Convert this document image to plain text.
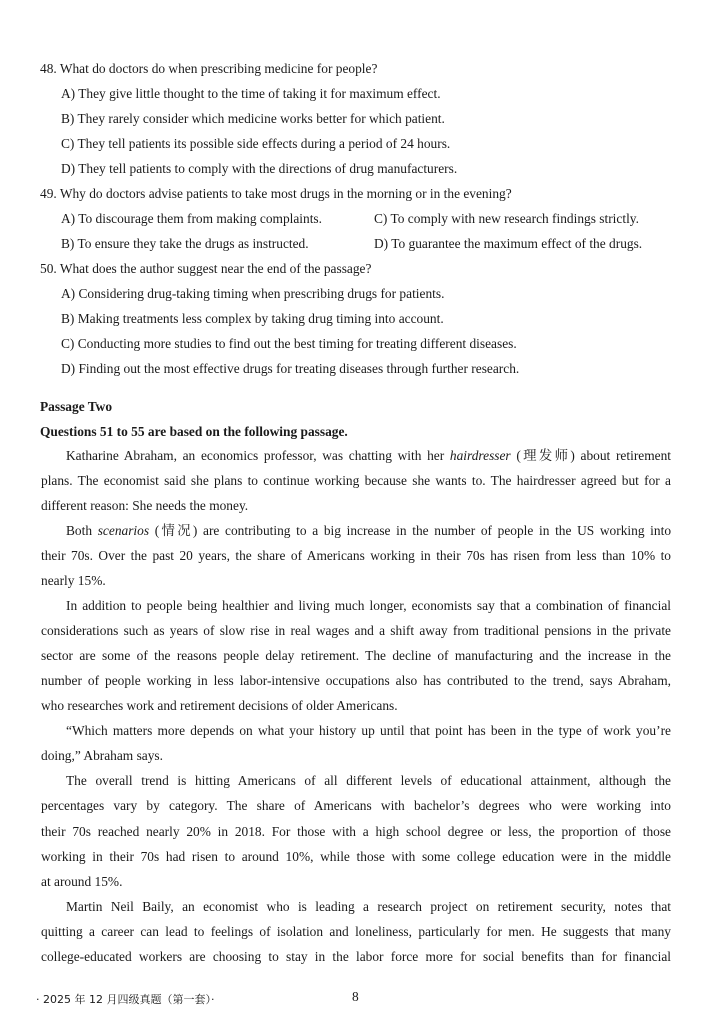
48. What do doctors do when prescribing medicine for people?
A) They give little thought to the time of taking it for maximum effect.
B) They rarely consider which medicine works better for which patient.
C) They tell patients its possible side effects during a period of 24 hours.
D) They tell patients to comply with the directions of drug manufacturers.
49. Why do doctors advise patients to take most drugs in the morning or in the evening?
A) To discourage them from making complaints.	C) To comply with new research findings strictly.
B) To ensure they take the drugs as instructed.	D) To guarantee the maximum effect of the drugs.
50. What does the author suggest near the end of the passage?
A) Considering drug-taking timing when prescribing drugs for patients.
B) Making treatments less complex by taking drug timing into account.
C) Conducting more studies to find out the best timing for treating different diseases.
D) Finding out the most effective drugs for treating diseases through further research.
Passage Two
Questions 51 to 55 are based on the following passage.
Katharine Abraham, an economics professor, was chatting with her hairdresser (理发师) about retirement
plans. The economist said she plans to continue working because she wants to. The hairdresser agreed but for a
different reason: She needs the money.
Both scenarios (情况) are contributing to a big increase in the number of people in the US working into
their 70s. Over the past 20 years, the share of Americans working in their 70s has risen from less than 10% to
nearly 15%.
In addition to people being healthier and living much longer, economists say that a combination of financial
considerations such as years of slow rise in real wages and a shift away from traditional pensions in the private
sector are some of the reasons people delay retirement. The decline of manufacturing and the increase in the
number of people working in less labor-intensive occupations also has contributed to the trend, says Abraham,
who researches work and retirement decisions of older Americans.
“Which matters more depends on what your history up until that point has been in the type of work you’re
doing,” Abraham says.
The overall trend is hitting Americans of all different levels of educational attainment, although the
percentages vary by category. The share of Americans with bachelor’s degrees who were working into
their 70s reached nearly 20% in 2018. For those with a high school degree or less, the proportion of those
working in their 70s had risen to around 10%, while those with some college education were in the middle
at around 15%.
Martin Neil Baily, an economist who is leading a research project on retirement security, notes that
quitting a career can lead to feelings of isolation and loneliness, particularly for men. He suggests that many
college-educated workers are choosing to stay in the labor force more for social benefits than for financial
· 2025 年 12 月四级真题（第一套）·	8
